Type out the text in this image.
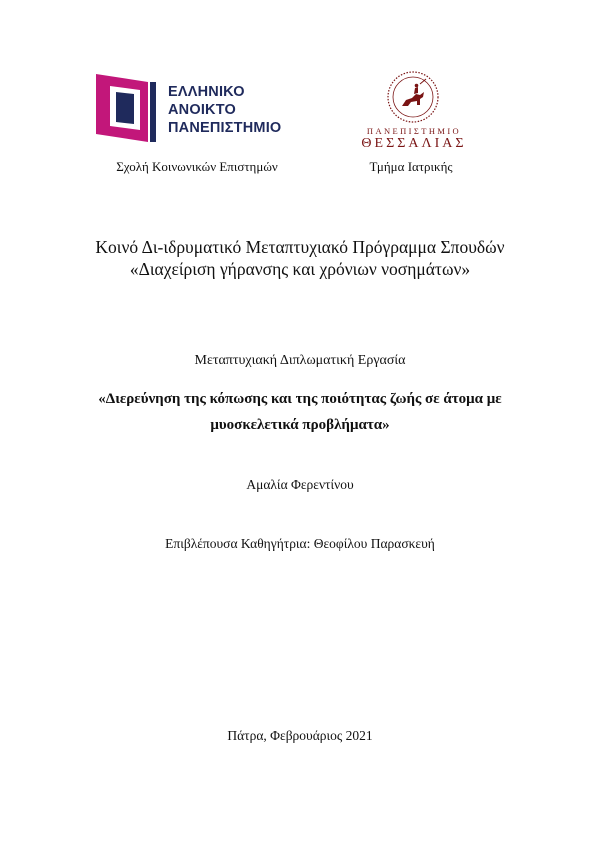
ΕΛΛΗΝΙΚΟ
ΑΝΟΙΚΤΟ
ΠΑΝΕΠΙΣΤΗΜΙΟ	ΠΑΝΕΠΙΣΤΗΜΙΟ
ΘΕΣΣΑΛΙΑΣ
Σχολή Κοινωνικών Επιστημών	Τμήμα Ιατρικής
Κοινό Δι-ιδρυματικό Μεταπτυχιακό Πρόγραμμα Σπουδών
«Διαχείριση γήρανσης και χρόνιων νοσημάτων»
Μεταπτυχιακή Διπλωματική Εργασία
«Διερεύνηση της κόπωσης και της ποιότητας ζωής σε άτομα με
μυοσκελετικά προβλήματα»
Αμαλία Φερεντίνου
Επιβλέπουσα Καθηγήτρια: Θεοφίλου Παρασκευή
Πάτρα, Φεβρουάριος 2021
